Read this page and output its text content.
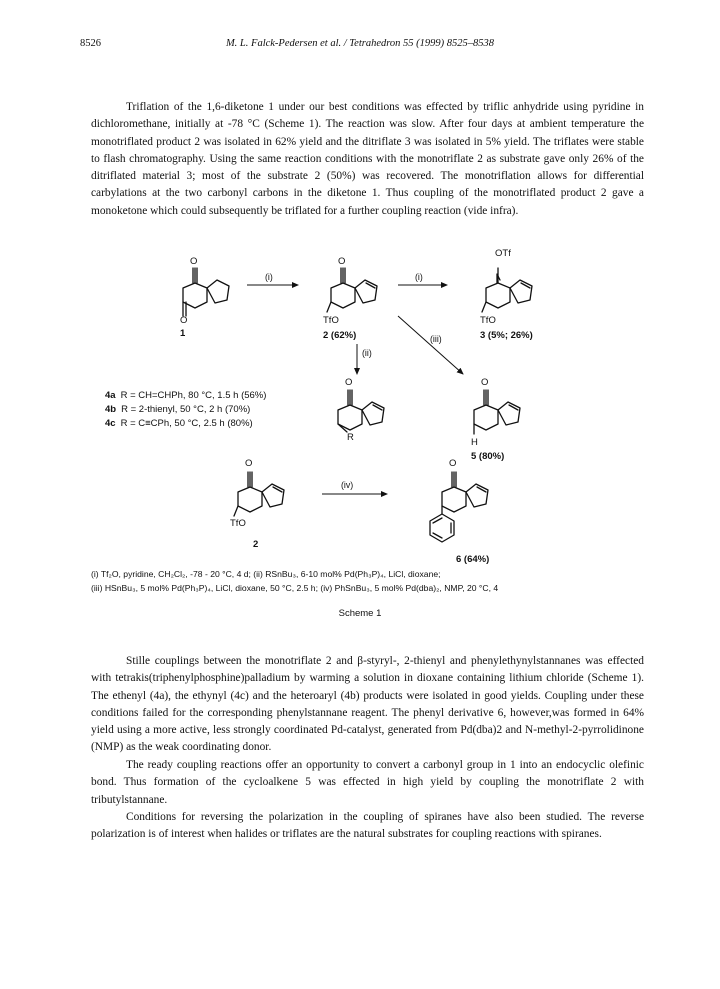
8526	M. L. Falck-Pedersen et al. / Tetrahedron 55 (1999) 8525–8538

Triflation of the 1,6-diketone 1 under our best conditions was effected by triflic anhydride using pyridine in dichloromethane, initially at -78 °C (Scheme 1). The reaction was slow. After four days at ambient temperature the monotriflated product 2 was isolated in 62% yield and the ditriflate 3 was isolated in 5% yield. The triflates were stable to flash chromatography. Using the same reaction conditions with the monotriflate 2 as substrate gave only 26% of the ditriflated material 3; most of the substrate 2 (50%) was recovered. The monotriflation allows for differential carbylations at the two carbonyl carbons in the diketone 1. Thus coupling of the monotriflated product 2 gave a monoketone which could subsequently be triflated for a further coupling reaction (vide infra).

O
O
1
(i)
O
TfO
2 (62%)
(i)
OTf
TfO
3 (5%; 26%)
(ii)
(iii)
O
R
O
H
5 (80%)
4a R = CH=CHPh, 80 °C, 1.5 h (56%)
4b R = 2-thienyl, 50 °C, 2 h (70%)
4c R = C≡CPh, 50 °C, 2.5 h (80%)
O
TfO
2
(iv)
O
6 (64%)

(i) Tf₂O, pyridine, CH₂Cl₂, -78 - 20 °C, 4 d; (ii) RSnBu₃, 6-10 mol% Pd(Ph₃P)₄, LiCl, dioxane;

(iii) HSnBu₃, 5 mol% Pd(Ph₃P)₄, LiCl, dioxane, 50 °C, 2.5 h; (iv) PhSnBu₃, 5 mol% Pd(dba)₂, NMP, 20 °C, 4

Scheme 1

Stille couplings between the monotriflate 2 and β-styryl-, 2-thienyl and phenylethynylstannanes was effected with tetrakis(triphenylphosphine)palladium by warming a solution in dioxane containing lithium chloride (Scheme 1). The ethenyl (4a), the ethynyl (4c) and the heteroaryl (4b) products were isolated in good yields. Coupling under these conditions failed for the corresponding phenylstannane reagent. The phenyl derivative 6, however,was formed in 64% yield using a more active, less strongly coordinated Pd-catalyst, generated from Pd(dba)2 and N-methyl-2-pyrrolidinone (NMP) as the weak coordinating donor.

The ready coupling reactions offer an opportunity to convert a carbonyl group in 1 into an endocyclic olefinic bond. Thus formation of the cycloalkene 5 was effected in high yield by coupling the monotriflate 2 with tributylstannane.

Conditions for reversing the polarization in the coupling of spiranes have also been studied. The reverse polarization is of interest when halides or triflates are the natural substrates for coupling reactions with spiranes.
